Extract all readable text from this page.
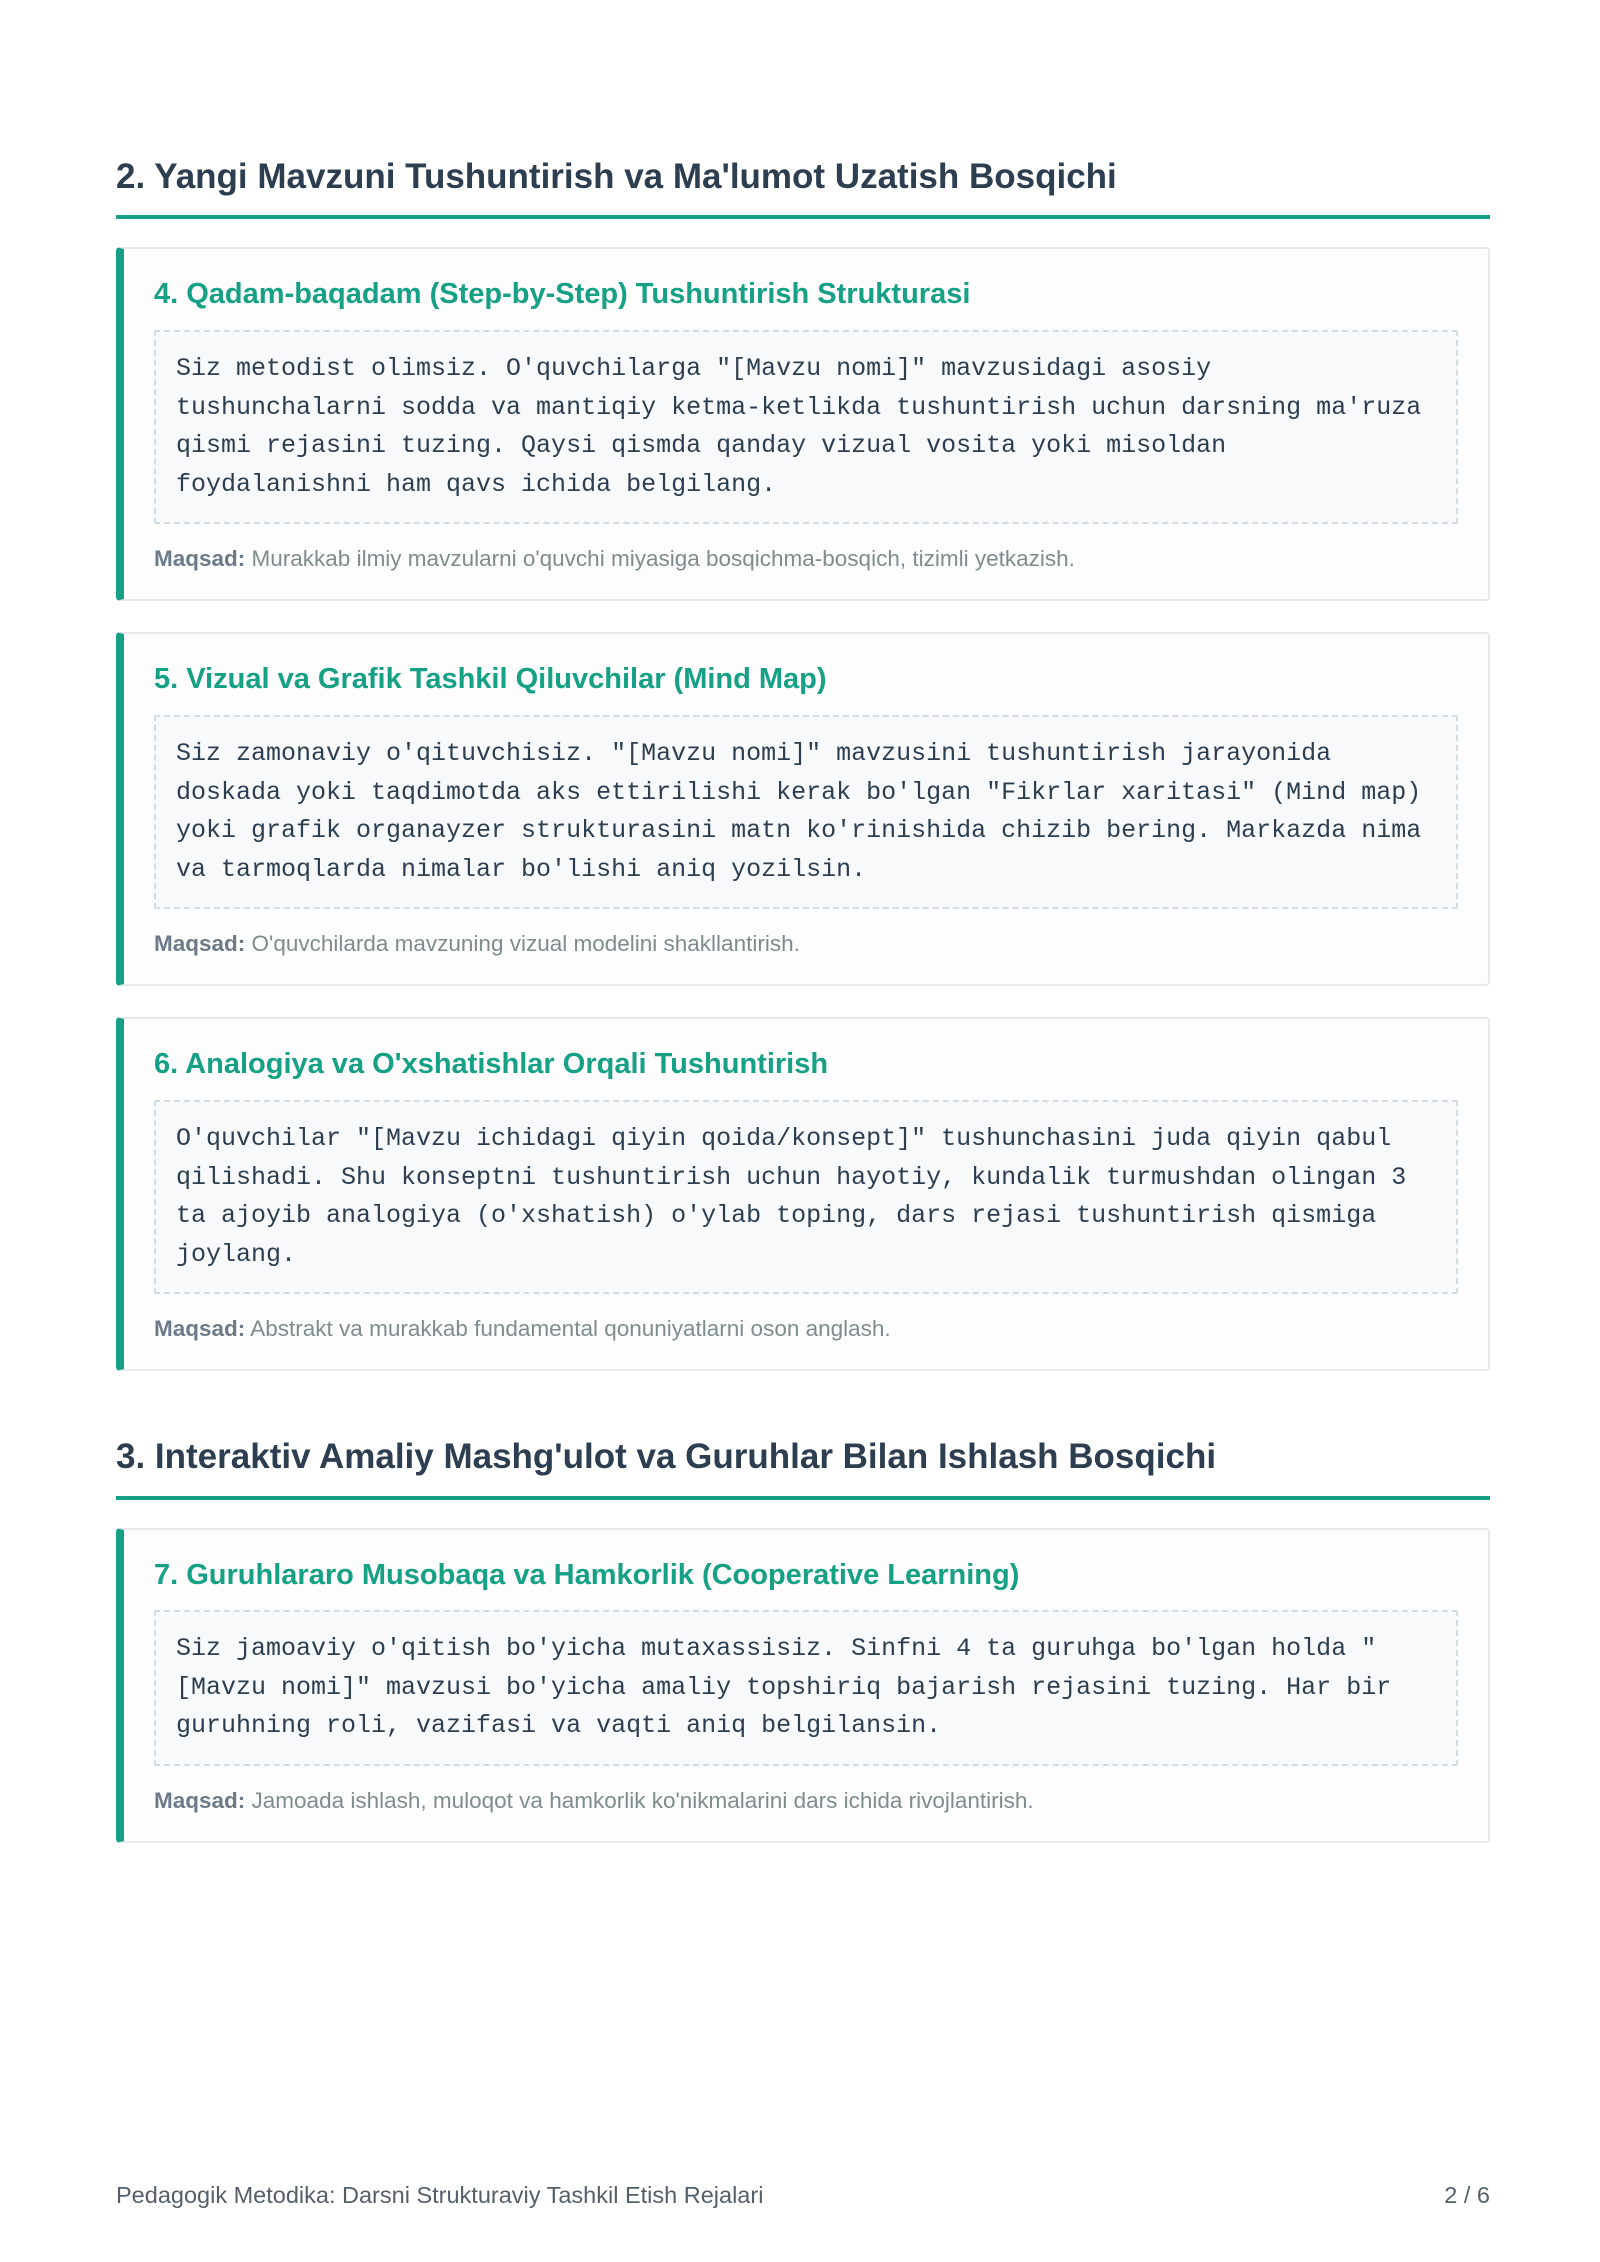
2. Yangi Mavzuni Tushuntirish va Ma'lumot Uzatish Bosqichi
4. Qadam-baqadam (Step-by-Step) Tushuntirish Strukturasi
Siz metodist olimsiz. O'quvchilarga "[Mavzu nomi]" mavzusidagi asosiy tushunchalarni sodda va mantiqiy ketma-ketlikda tushuntirish uchun darsning ma'ruza qismi rejasini tuzing. Qaysi qismda qanday vizual vosita yoki misoldan foydalanishni ham qavs ichida belgilang.
Maqsad: Murakkab ilmiy mavzularni o'quvchi miyasiga bosqichma-bosqich, tizimli yetkazish.
5. Vizual va Grafik Tashkil Qiluvchilar (Mind Map)
Siz zamonaviy o'qituvchisiz. "[Mavzu nomi]" mavzusini tushuntirish jarayonida doskada yoki taqdimotda aks ettirilishi kerak bo'lgan "Fikrlar xaritasi" (Mind map) yoki grafik organayzer strukturasini matn ko'rinishida chizib bering. Markazda nima va tarmoqlarda nimalar bo'lishi aniq yozilsin.
Maqsad: O'quvchilarda mavzuning vizual modelini shakllantirish.
6. Analogiya va O'xshatishlar Orqali Tushuntirish
O'quvchilar "[Mavzu ichidagi qiyin qoida/konsept]" tushunchasini juda qiyin qabul qilishadi. Shu konseptni tushuntirish uchun hayotiy, kundalik turmushdan olingan 3 ta ajoyib analogiya (o'xshatish) o'ylab toping, dars rejasi tushuntirish qismiga joylang.
Maqsad: Abstrakt va murakkab fundamental qonuniyatlarni oson anglash.
3. Interaktiv Amaliy Mashg'ulot va Guruhlar Bilan Ishlash Bosqichi
7. Guruhlararo Musobaqa va Hamkorlik (Cooperative Learning)
Siz jamoaviy o'qitish bo'yicha mutaxassisiz. Sinfni 4 ta guruhga bo'lgan holda "[Mavzu nomi]" mavzusi bo'yicha amaliy topshiriq bajarish rejasini tuzing. Har bir guruhning roli, vazifasi va vaqti aniq belgilansin.
Maqsad: Jamoada ishlash, muloqot va hamkorlik ko'nikmalarini dars ichida rivojlantirish.
Pedagogik Metodika: Darsni Strukturaviy Tashkil Etish Rejalari	2 / 6
